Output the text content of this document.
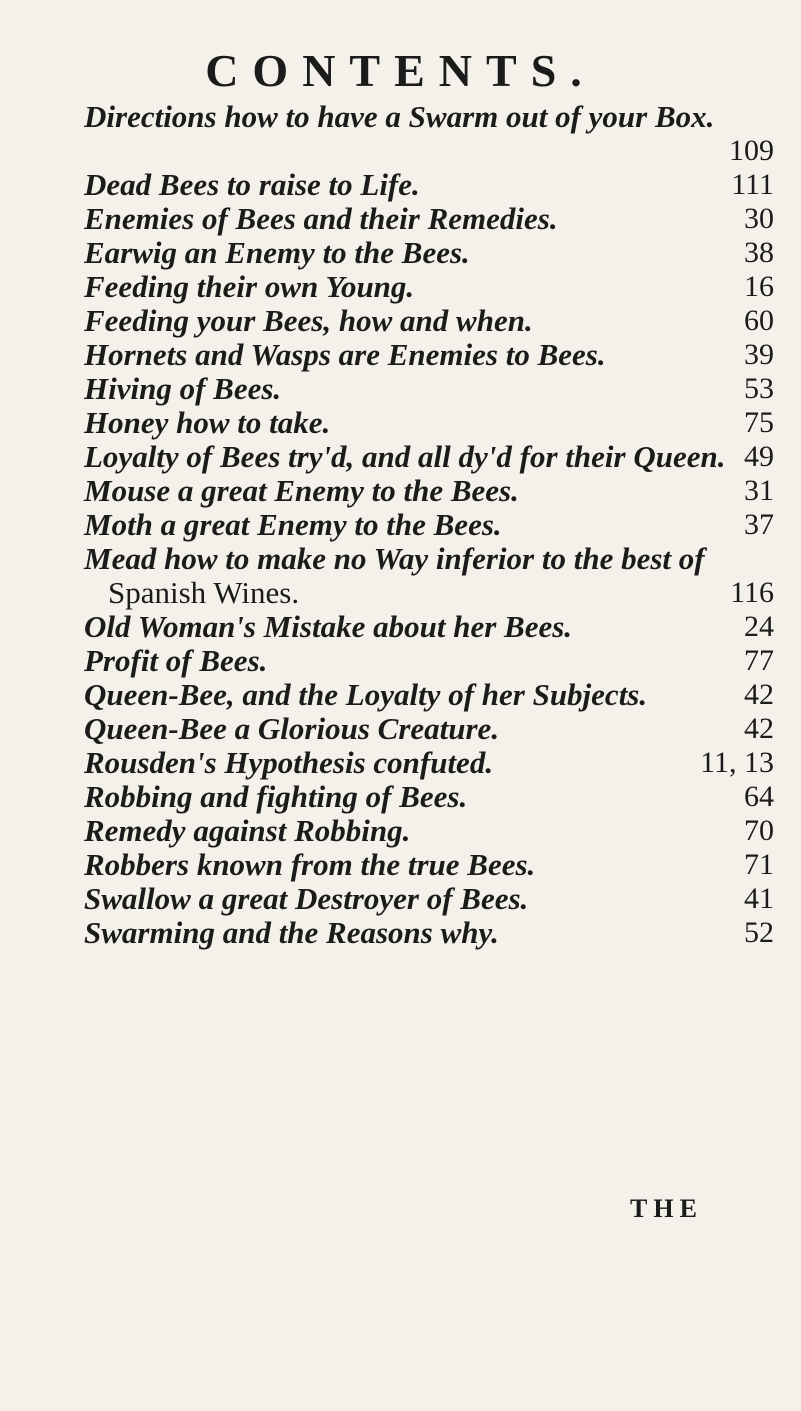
CONTENTS.
Directions how to have a Swarm out of your Box.
109
Dead Bees to raise to Life.	111
Enemies of Bees and their Remedies.	30
Earwig an Enemy to the Bees.	38
Feeding their own Young.	16
Feeding your Bees, how and when.	60
Hornets and Wasps are Enemies to Bees.	39
Hiving of Bees.	53
Honey how to take.	75
Loyalty of Bees try'd, and all dy'd for their Queen. 49
Mouse a great Enemy to the Bees.	31
Moth a great Enemy to the Bees.	37
Mead how to make no Way inferior to the best of
Spanish Wines.	116
Old Woman's Mistake about her Bees.	24
Profit of Bees.	77
Queen-Bee, and the Loyalty of her Subjects.	42
Queen-Bee a Glorious Creature.	42
Rousden's Hypothesis confuted.	11, 13
Robbing and fighting of Bees.	64
Remedy against Robbing.	70
Robbers known from the true Bees.	71
Swallow a great Destroyer of Bees.	41
Swarming and the Reasons why.	52
THE
